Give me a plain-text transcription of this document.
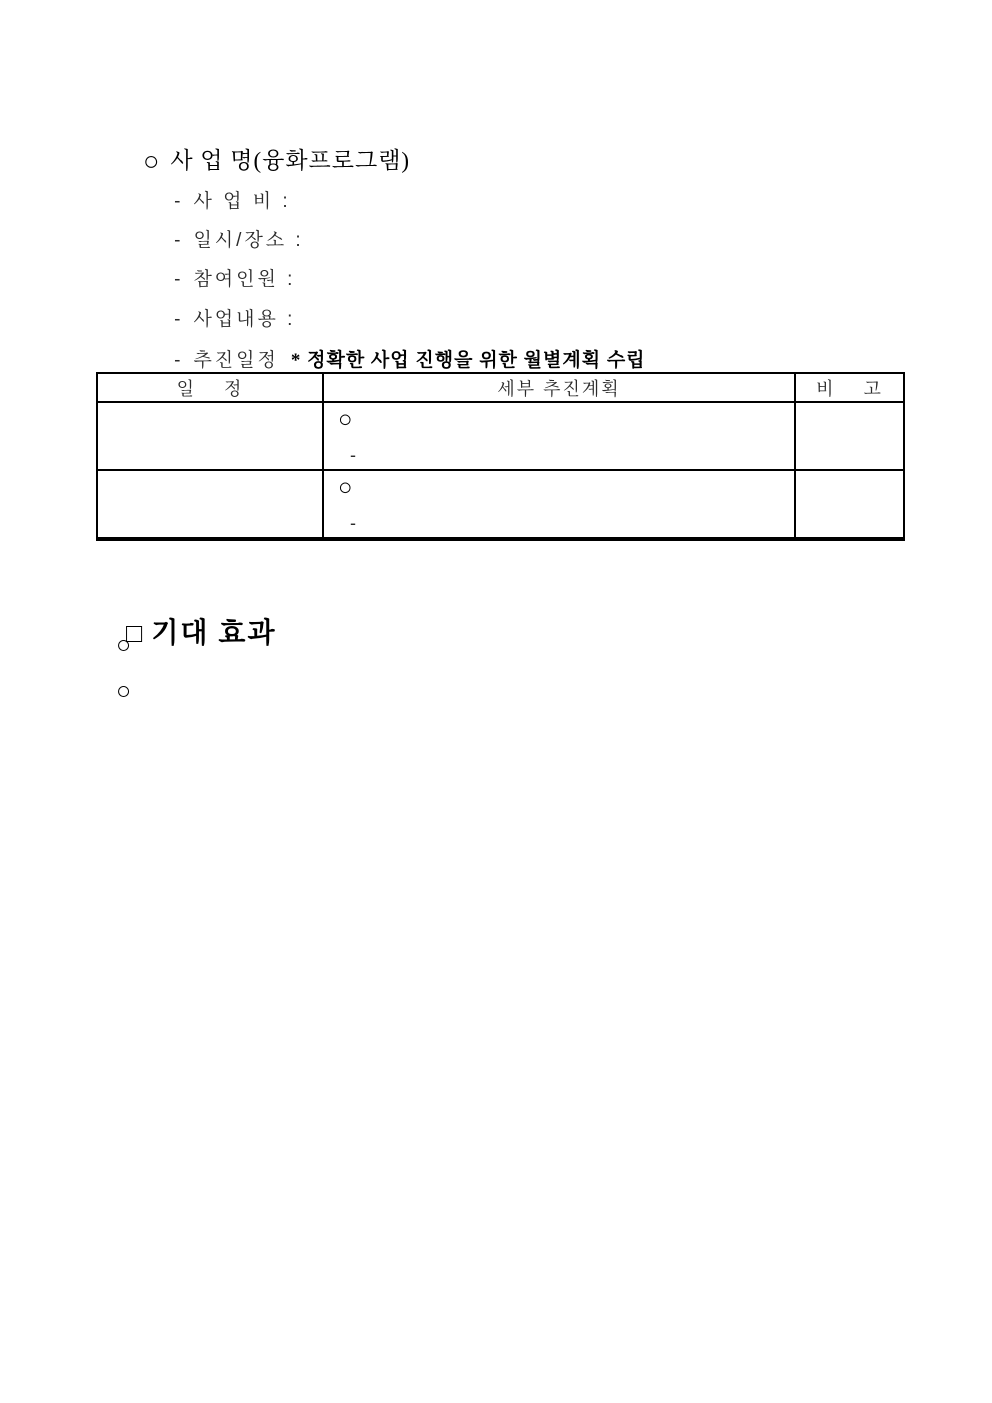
○ 사 업 명(융화프로그램)

- 사 업 비 :

- 일시/장소 :

- 참여인원 :

- 사업내용 :

- 추진일정 * 정확한 사업 진행을 위한 월별계획 수립

일    정	세부 추진계획	비    고

	○
-	

	○
-	

□ 기대 효과

○
○
